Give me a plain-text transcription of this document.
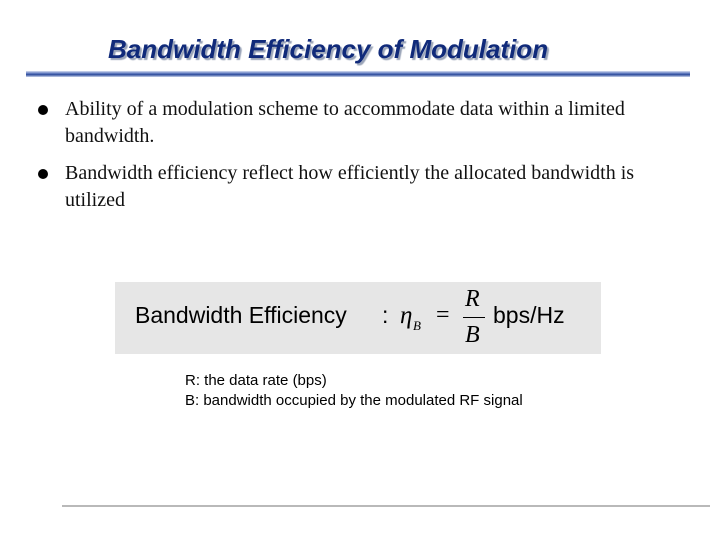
Bandwidth Efficiency of Modulation
Ability of a modulation scheme to accommodate data within a limited bandwidth.
Bandwidth efficiency reflect how efficiently the allocated bandwidth is utilized
Bandwidth Efficiency : η B =
R
B
bps/Hz
R: the data rate (bps)
B: bandwidth occupied by the modulated RF signal
